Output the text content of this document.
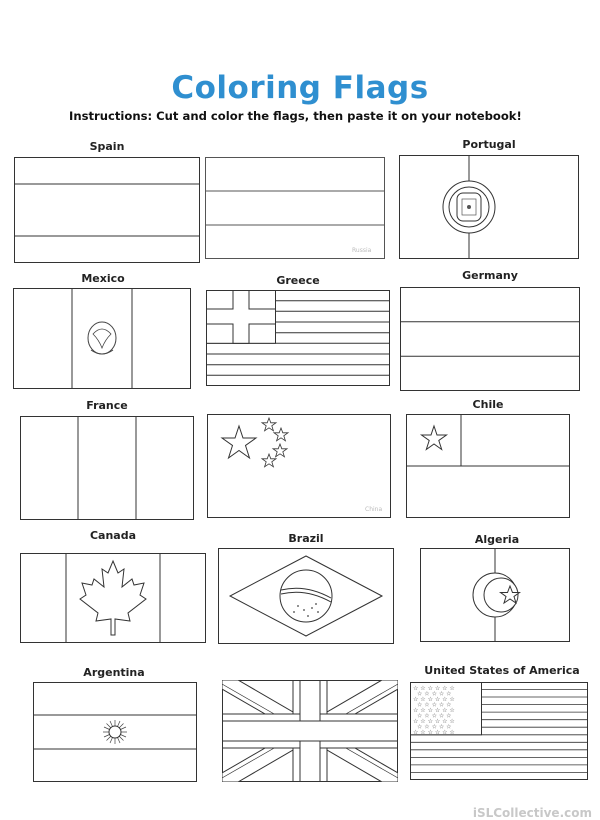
Coloring Flags
Instructions: Cut and color the flags, then paste it on your notebook!
Spain
Russia
Portugal
Mexico	Greece	Germany
France
China
Chile
Canada	Brazil	Algeria
Argentina	United States of America
☆ ☆ ☆ ☆ ☆ ☆
☆ ☆ ☆ ☆ ☆
☆ ☆ ☆ ☆ ☆ ☆
☆ ☆ ☆ ☆ ☆
☆ ☆ ☆ ☆ ☆ ☆
☆ ☆ ☆ ☆ ☆
☆ ☆ ☆ ☆ ☆ ☆
☆ ☆ ☆ ☆ ☆
☆ ☆ ☆ ☆ ☆ ☆
iSLCollective.com
